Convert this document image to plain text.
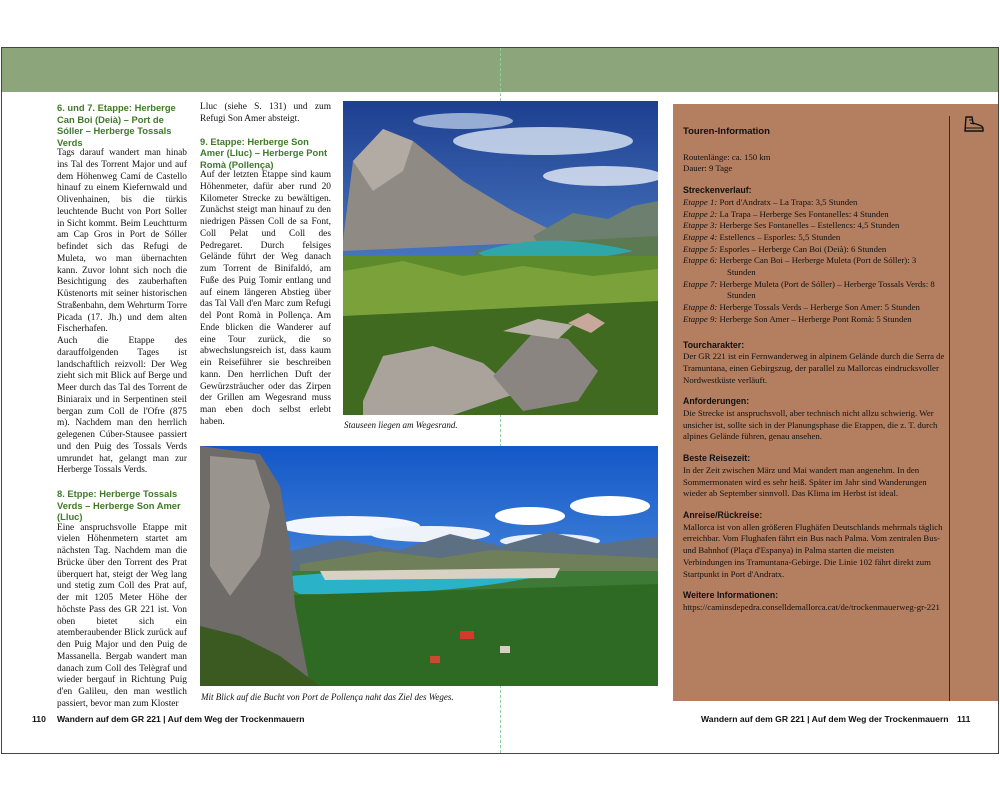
6. und 7. Etappe: Herberge Can Boi (Deià) – Port de Sóller – Herberge Tossals Verds
Tags darauf wandert man hinab ins Tal des Torrent Major und auf dem Höhenweg Camí de Castello hinauf zu einem Kiefernwald und Olivenhainen, bis die türkis leuchtende Bucht von Port Soller in Sicht kommt. Beim Leuchtturm am Cap Gros in Port de Sóller befindet sich das Refugi de Muleta, wo man übernachten kann. Zuvor lohnt sich noch die Besichtigung des zauberhaften Küstenorts mit seiner historischen Straßenbahn, dem Wehrturm Torre Picada (17. Jh.) und dem alten Fischerhafen.
Auch die Etappe des darauffolgenden Tages ist landschaftlich reizvoll: Der Weg zieht sich mit Blick auf Berge und Meer durch das Tal des Torrent de Biniaraix und in Serpentinen steil bergan zum Coll de l'Ofre (875 m). Nachdem man den herrlich gelegenen Cúber-Stausee passiert und den Puig des Tossals Verds umrundet hat, gelangt man zur Herberge Tossals Verds.
8. Etppe: Herberge Tossals Verds – Herberge Son Amer (Lluc)
Eine anspruchsvolle Etappe mit vielen Höhenmetern startet am nächsten Tag. Nachdem man die Brücke über den Torrent des Prat überquert hat, steigt der Weg lang und stetig zum Coll des Prat auf, der mit 1205 Meter Höhe der höchste Pass des GR 221 ist. Von oben bietet sich ein atemberaubender Blick zurück auf den Puig Major und den Puig de Massanella. Bergab wandert man danach zum Coll des Telègraf und wieder bergauf in Richtung Puig d'en Galileu, den man westlich passiert, bevor man zum Kloster
Lluc (siehe S. 131) und zum Refugi Son Amer absteigt.
9. Etappe: Herberge Son Amer (Lluc) – Herberge Pont Romà (Pollença)
Auf der letzten Etappe sind kaum Höhenmeter, dafür aber rund 20 Kilometer Strecke zu bewältigen. Zunächst steigt man hinauf zu den niedrigen Pässen Coll de sa Font, Coll Pelat und Coll des Pedregaret. Durch felsiges Gelände führt der Weg danach zum Torrent de Binifaldó, am Fuße des Puig Tomir entlang und auf einem längeren Abstieg über das Tal Vall d'en Marc zum Refugi del Pont Romà in Pollença. Am Ende blicken die Wanderer auf eine Tour zurück, die so abwechslungsreich ist, dass kaum ein Reiseführer sie beschreiben kann. Den herrlichen Duft der Gewürzsträucher oder das Zirpen der Grillen am Wegesrand muss man eben doch selbst erlebt haben.	Stauseen liegen am Wegesrand.
Mit Blick auf die Bucht von Port de Pollença naht das Ziel des Weges.
Touren-Information
Routenlänge: ca. 150 km
Dauer: 9 Tage
Streckenverlauf:
Etappe 1: Port d'Andratx – La Trapa: 3,5 Stunden
Etappe 2: La Trapa – Herberge Ses Fontanelles: 4 Stunden
Etappe 3: Herberge Ses Fontanelles – Estellencs: 4,5 Stunden
Etappe 4: Estellencs – Esporles: 5,5 Stunden
Etappe 5: Esporles – Herberge Can Boi (Deià): 6 Stunden
Etappe 6: Herberge Can Boi – Herberge Muleta (Port de Sóller): 3 Stunden
Etappe 7: Herberge Muleta (Port de Sóller) – Herberge Tossals Verds: 8 Stunden
Etappe 8: Herberge Tossals Verds – Herberge Son Amer: 5 Stunden
Etappe 9: Herberge Son Amer – Herberge Pont Romà: 5 Stunden
Tourcharakter:
Der GR 221 ist ein Fernwanderweg in alpinem Gelände durch die Serra de Tramuntana, einen Gebirgszug, der parallel zu Mallorcas eindrucksvoller Nordwestküste verläuft.
Anforderungen:
Die Strecke ist anspruchsvoll, aber technisch nicht allzu schwierig. Wer unsicher ist, sollte sich in der Planungsphase die Etappen, die z. T. durch alpines Gelände führen, genau ansehen.
Beste Reisezeit:
In der Zeit zwischen März und Mai wandert man angenehm. In den Sommermonaten wird es sehr heiß. Später im Jahr sind Wanderungen wieder ab September sinnvoll. Das Klima im Herbst ist ideal.
Anreise/Rückreise:
Mallorca ist von allen größeren Flughäfen Deutschlands mehrmals täglich erreichbar. Vom Flughafen fährt ein Bus nach Palma. Vom zentralen Bus- und Bahnhof (Plaça d'Espanya) in Palma starten die meisten Verbindungen ins Tramuntana-Gebirge. Die Linie 102 fährt direkt zum Startpunkt in Port d'Andratx.
Weitere Informationen:
https://caminsdepedra.conselldemallorca.cat/de/trockenmauerweg-gr-221
110 Wandern auf dem GR 221 | Auf dem Weg der Trockenmauern	Wandern auf dem GR 221 | Auf dem Weg der Trockenmauern 111
